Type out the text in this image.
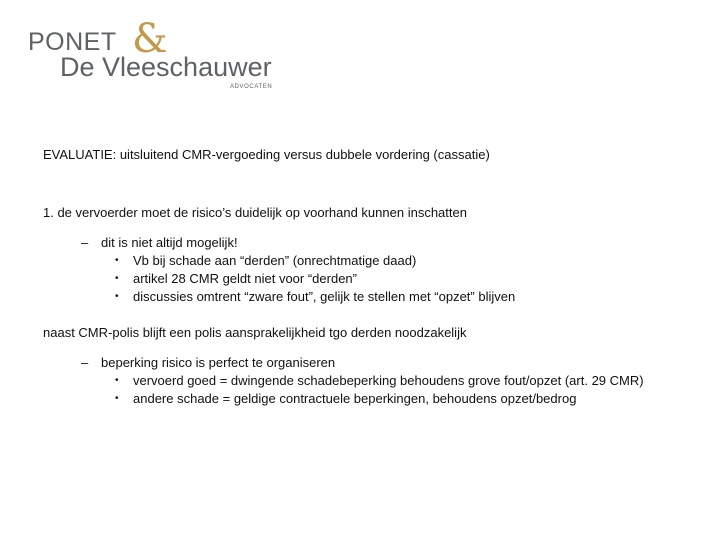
PONET &
De Vleeschauwer
ADVOCATEN

EVALUATIE: uitsluitend CMR-vergoeding versus dubbele vordering (cassatie)

1. de vervoerder moet de risico’s duidelijk op voorhand kunnen inschatten

– dit is niet altijd mogelijk!
• Vb bij schade aan “derden” (onrechtmatige daad)
• artikel 28 CMR geldt niet voor “derden”
• discussies omtrent “zware fout”, gelijk te stellen met “opzet” blijven

naast CMR-polis blijft een polis aansprakelijkheid tgo derden noodzakelijk

– beperking risico is perfect te organiseren
• vervoerd goed = dwingende schadebeperking behoudens grove fout/opzet (art. 29 CMR)
• andere schade = geldige contractuele beperkingen, behoudens opzet/bedrog
